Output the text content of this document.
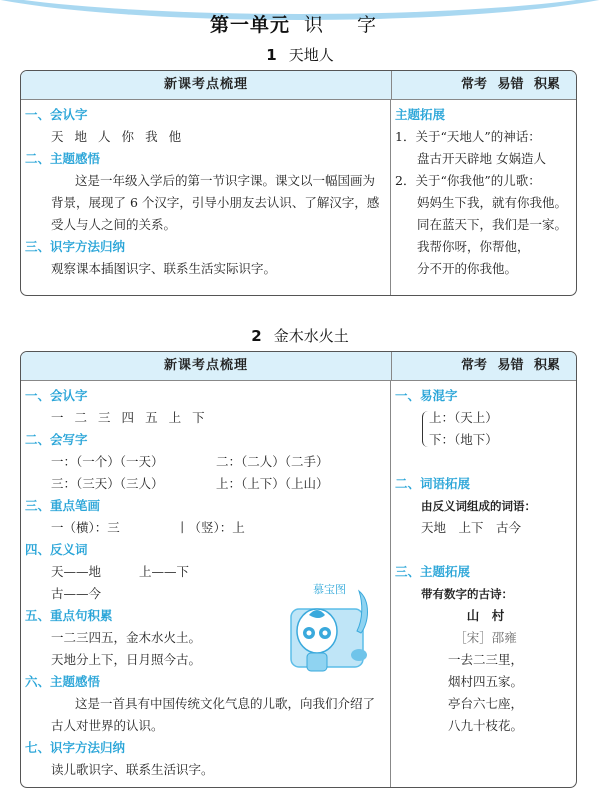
第一单元 识 字
1 天地人
新课考点梳理	常考 易错 积累
一、会认字
天 地 人 你 我 他
二、主题感悟
这是一年级入学后的第一节识字课。课文以一幅国画为
背景，展现了 6 个汉字，引导小朋友去认识、了解汉字，感
受人与人之间的关系。
三、识字方法归纳
观察课本插图识字、联系生活实际识字。
主题拓展
1．关于“天地人”的神话：
盘古开天辟地 女娲造人
2．关于“你我他”的儿歌：
妈妈生下我，就有你我他。
同在蓝天下，我们是一家。
我帮你呀，你帮他，
分不开的你我他。
2 金木水火土
新课考点梳理	常考 易错 积累
一、会认字
一 二 三 四 五 上 下
二、会写字
一：（一个）（一天）	二：（二人）（二手）
三：（三天）（三人）	上：（上下）（上山）
三、重点笔画
一（横）：三	丨（竖）：上
四、反义词
天——地	上——下
古——今
五、重点句积累
一二三四五，金木水火土。
天地分上下，日月照今古。
六、主题感悟
这是一首具有中国传统文化气息的儿歌，向我们介绍了
古人对世界的认识。
七、识字方法归纳
读儿歌识字、联系生活识字。
慕宝图
一、易混字
上：（天上）
下：（地下）
二、词语拓展
由反义词组成的词语：
天地　上下　古今
三、主题拓展
带有数字的古诗：
山　村
［宋］邵雍
一去二三里，
烟村四五家。
亭台六七座，
八九十枝花。
